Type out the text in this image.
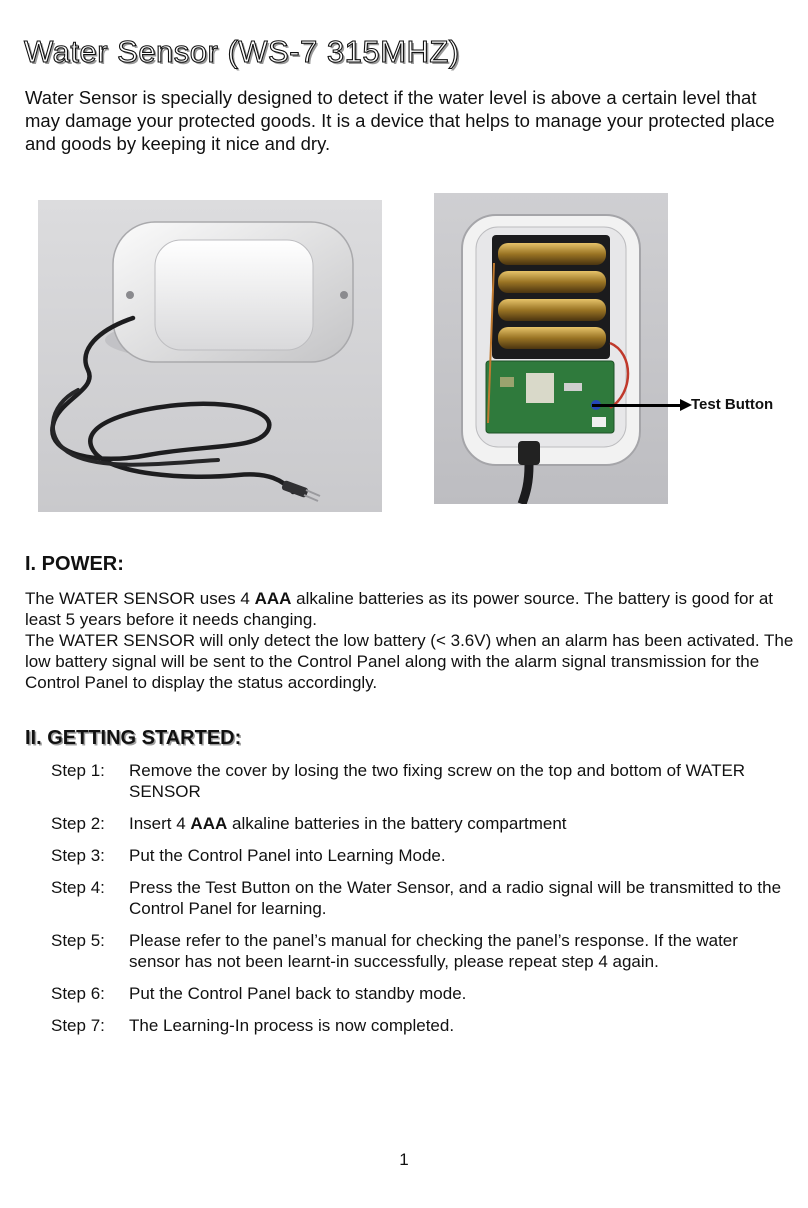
Water Sensor (WS-7 315MHZ)

Water Sensor is specially designed to detect if the water level is above a certain level that may damage your protected goods. It is a device that helps to manage your protected place and goods by keeping it nice and dry.

Test Button
I. POWER:

The WATER SENSOR uses 4 AAA alkaline batteries as its power source. The battery is good for at least 5 years before it needs changing.

The WATER SENSOR will only detect the low battery (< 3.6V) when an alarm has been activated. The low battery signal will be sent to the Control Panel along with the alarm signal transmission for the Control Panel to display the status accordingly.

II. GETTING STARTED:
Step 1:	Remove the cover by losing the two fixing screw on the top and bottom of WATER SENSOR
Step 2:	Insert 4 AAA alkaline batteries in the battery compartment
Step 3:	Put the Control Panel into Learning Mode.
Step 4:	Press the Test Button on the Water Sensor, and a radio signal will be transmitted to the Control Panel for learning.
Step 5:	Please refer to the panel’s manual for checking the panel’s response. If the water sensor has not been learnt-in successfully, please repeat step 4 again.
Step 6:	Put the Control Panel back to standby mode.
Step 7:	The Learning-In process is now completed.
1
